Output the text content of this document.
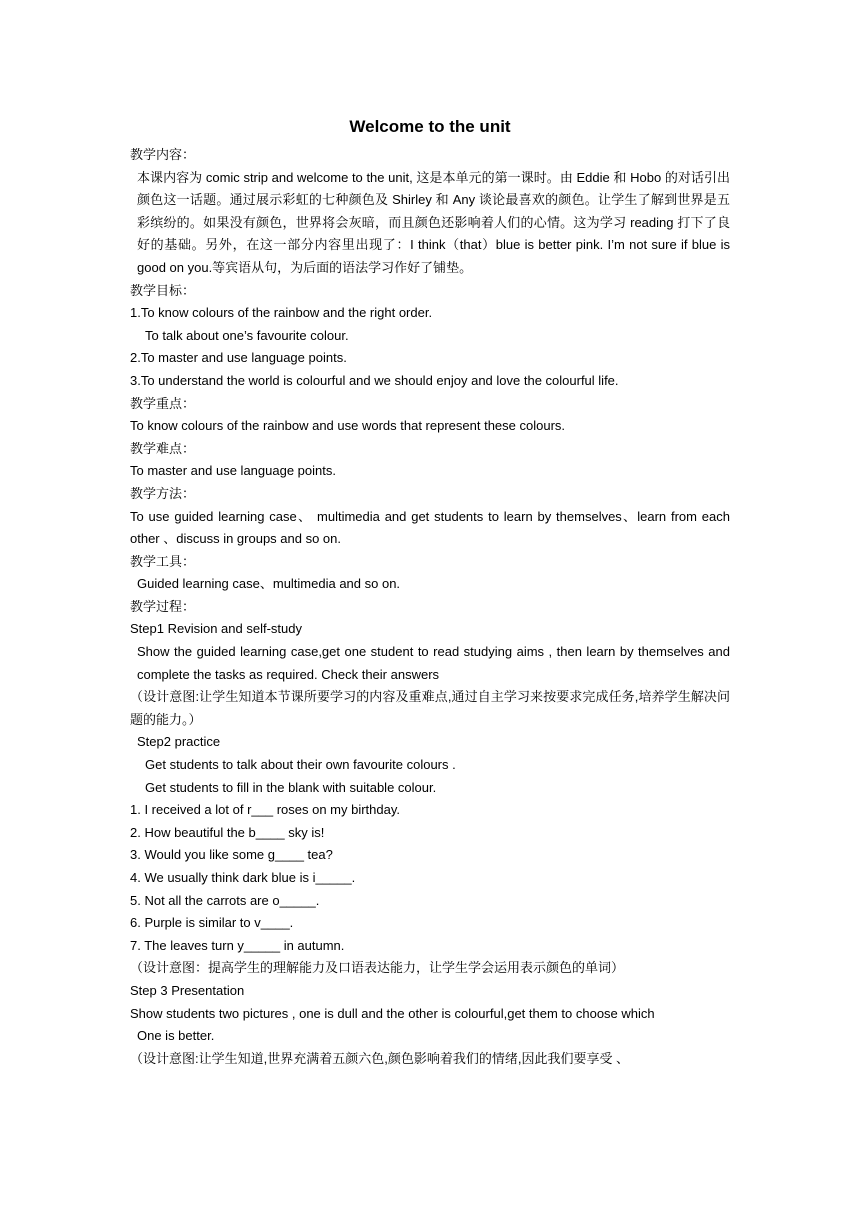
Welcome to the unit

教学内容：

本课内容为 comic strip and welcome to the unit, 这是本单元的第一课时。由 Eddie 和 Hobo 的对话引出颜色这一话题。通过展示彩虹的七种颜色及 Shirley 和 Any 谈论最喜欢的颜色。让学生了解到世界是五彩缤纷的。如果没有颜色，世界将会灰暗，而且颜色还影响着人们的心情。这为学习 reading 打下了良好的基础。另外，在这一部分内容里出现了：I think（that）blue is better pink. I’m not sure if blue is good on you.等宾语从句，为后面的语法学习作好了铺垫。

教学目标：

1.To know colours of the rainbow and the right order.

To talk about one’s favourite colour.

2.To master and use language points.

3.To understand the world is colourful and we should enjoy and love the colourful life.

教学重点：

To know colours of the rainbow and use words that represent these colours.

教学难点：

To master and use language points.

教学方法：

To use guided learning case、 multimedia and get students to learn by themselves、learn from each other 、discuss in groups and so on.

教学工具：

Guided learning case、multimedia and so on.

教学过程：

Step1 Revision and self-study

Show the guided learning case,get one student to read studying aims , then learn by themselves and complete the tasks as required. Check their answers

（设计意图:让学生知道本节课所要学习的内容及重难点,通过自主学习来按要求完成任务,培养学生解决问题的能力。）

Step2 practice

Get students to talk about their own favourite colours .

Get students to fill in the blank with suitable colour.

1. I received a lot of r___ roses on my birthday.

2. How beautiful the b____ sky is!

3. Would you like some g____ tea?

4. We usually think dark blue is i_____.

5. Not all the carrots are o_____.

6. Purple is similar to v____.

7. The leaves turn y_____ in autumn.

（设计意图：提高学生的理解能力及口语表达能力，让学生学会运用表示颜色的单词）

Step 3 Presentation

Show students two pictures , one is dull and the other is colourful,get them to choose which

One is better.

（设计意图:让学生知道,世界充满着五颜六色,颜色影响着我们的情绪,因此我们要享受 、
